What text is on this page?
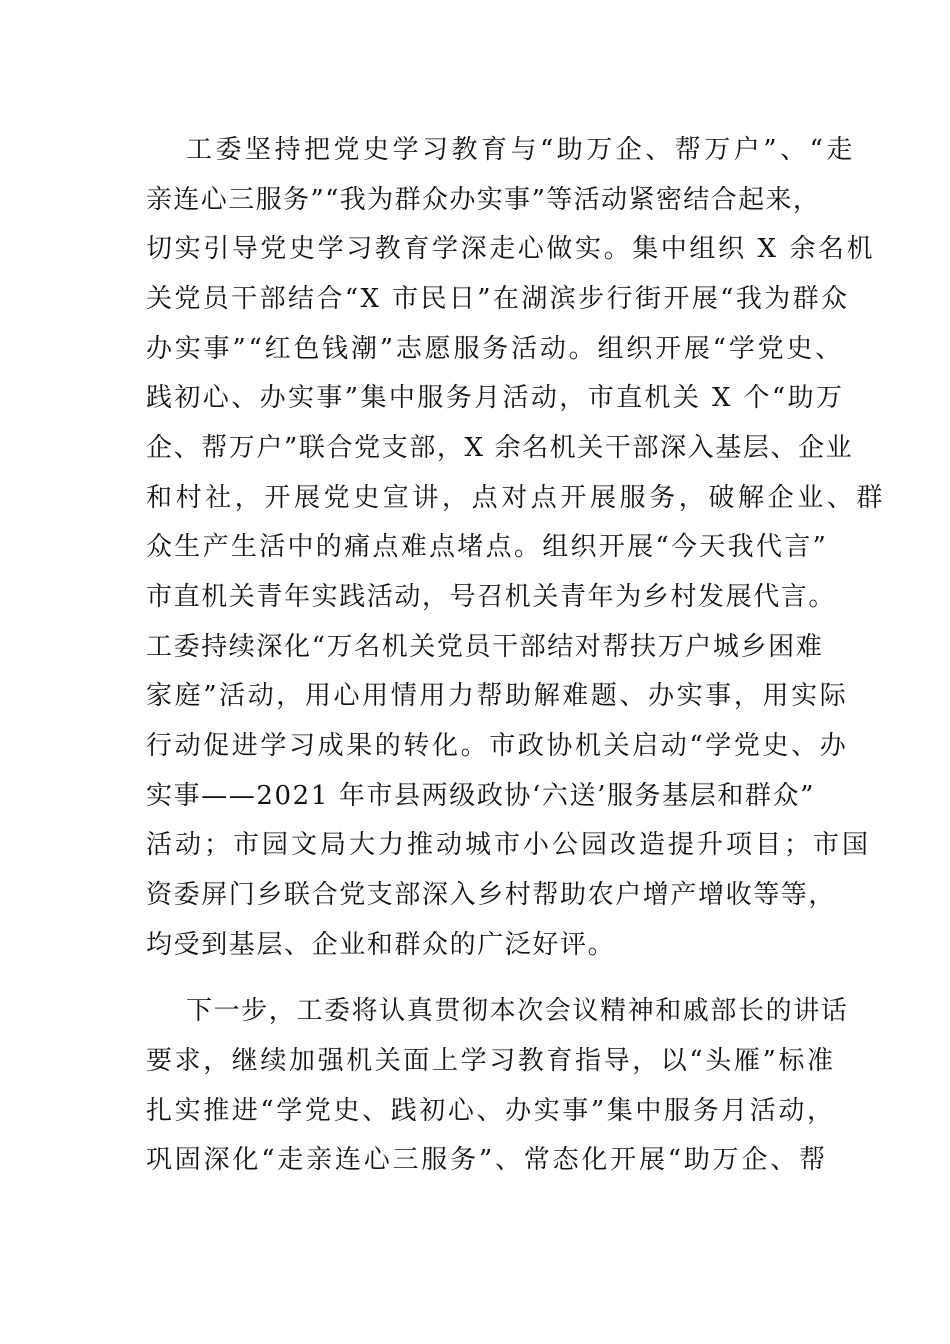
工委坚持把党史学习教育与“助万企、帮万户”、“走
亲连心三服务”“我为群众办实事”等活动紧密结合起来，
切实引导党史学习教育学深走心做实。集中组织 X 余名机
关党员干部结合“X 市民日”在湖滨步行街开展“我为群众
办实事”“红色钱潮”志愿服务活动。组织开展“学党史、
践初心、办实事”集中服务月活动，市直机关 X 个“助万
企、帮万户”联合党支部，X 余名机关干部深入基层、企业
和村社，开展党史宣讲，点对点开展服务，破解企业、群
众生产生活中的痛点难点堵点。组织开展“今天我代言”
市直机关青年实践活动，号召机关青年为乡村发展代言。
工委持续深化“万名机关党员干部结对帮扶万户城乡困难
家庭”活动，用心用情用力帮助解难题、办实事，用实际
行动促进学习成果的转化。市政协机关启动“学党史、办
实事——2021 年市县两级政协‘六送’服务基层和群众”
活动；市园文局大力推动城市小公园改造提升项目；市国
资委屏门乡联合党支部深入乡村帮助农户增产增收等等，
均受到基层、企业和群众的广泛好评。
下一步，工委将认真贯彻本次会议精神和戚部长的讲话
要求，继续加强机关面上学习教育指导，以“头雁”标准
扎实推进“学党史、践初心、办实事”集中服务月活动，
巩固深化“走亲连心三服务”、常态化开展“助万企、帮
